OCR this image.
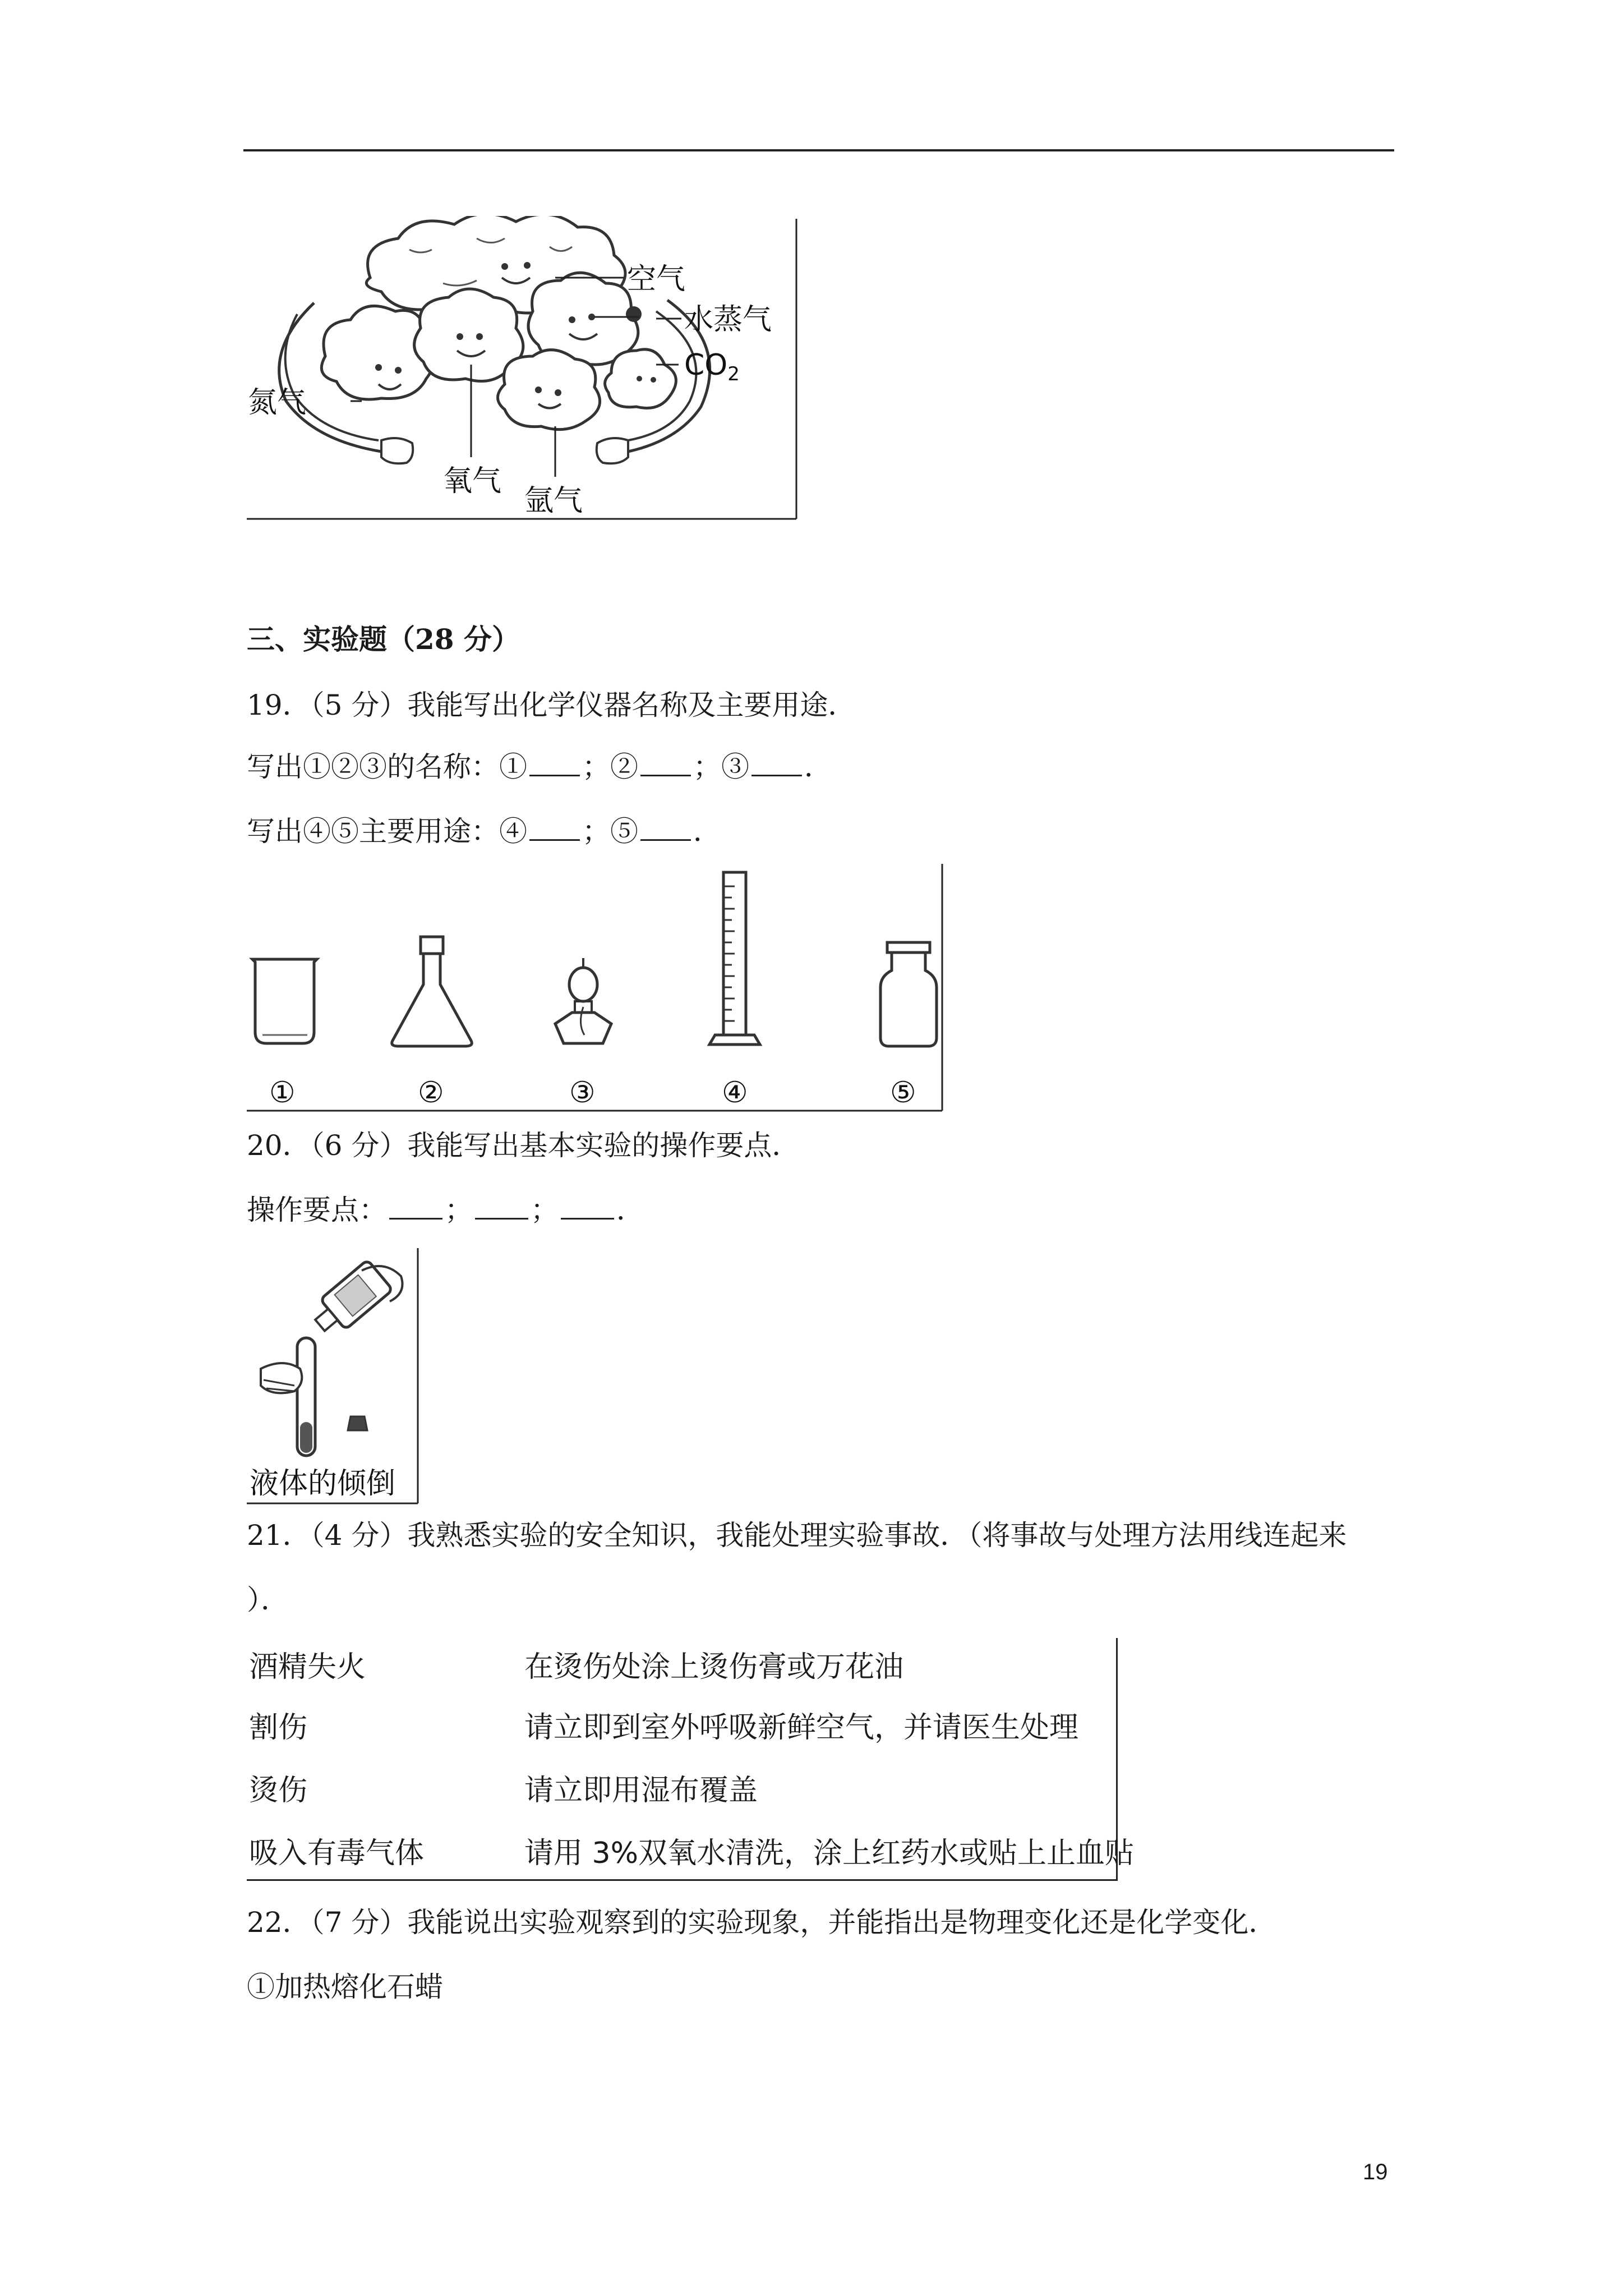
空气
水蒸气
CO2
氮气
氧气
氩气
三、实验题（28 分）
19．（5 分）我能写出化学仪器名称及主要用途．
写出①②③的名称：① ；② ；③ ．
写出④⑤主要用途：④ ；⑤ ．
①	②	③	④	⑤
20．（6 分）我能写出基本实验的操作要点．
操作要点： ； ； ．
液体的倾倒
21．（4 分）我熟悉实验的安全知识，我能处理实验事故．（将事故与处理方法用线连起来
）．
酒精失火	在烫伤处涂上烫伤膏或万花油
割伤	请立即到室外呼吸新鲜空气，并请医生处理
烫伤	请立即用湿布覆盖
吸入有毒气体	请用 3%双氧水清洗，涂上红药水或贴上止血贴
22．（7 分）我能说出实验观察到的实验现象，并能指出是物理变化还是化学变化．
①加热熔化石蜡
19
